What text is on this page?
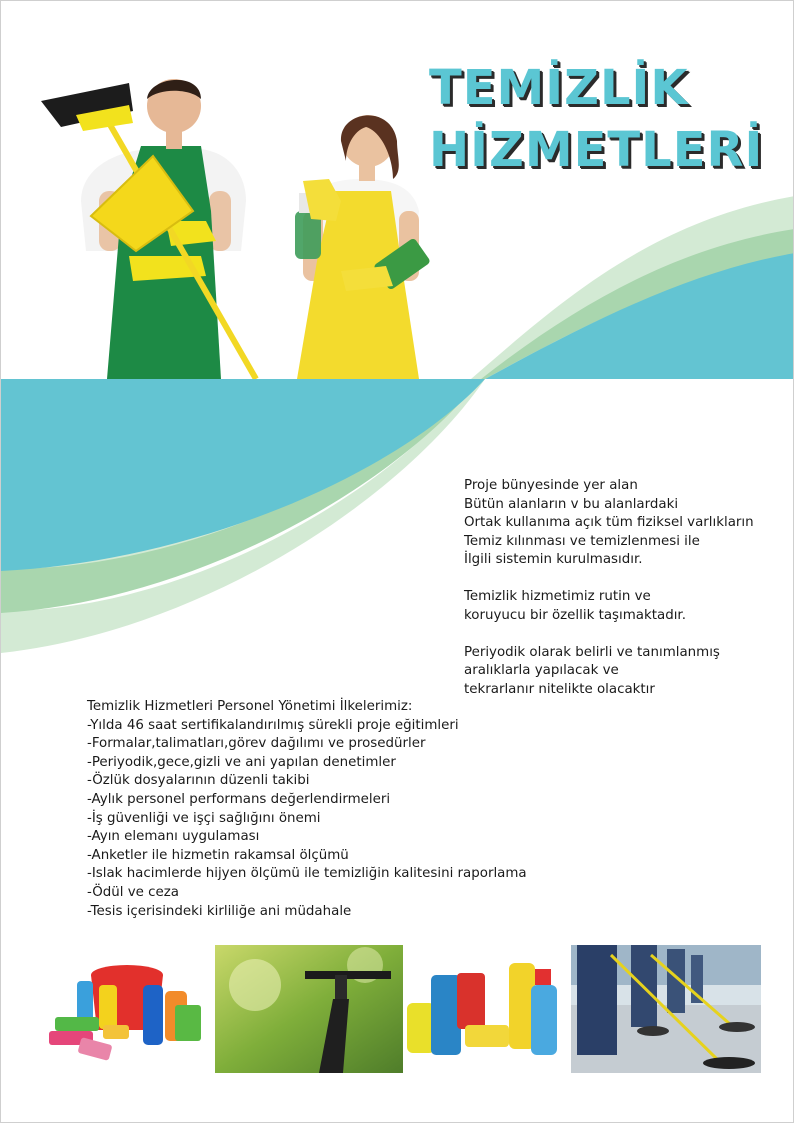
TEMİZLİK
HİZMETLERİ

Proje bünyesinde yer alan
Bütün alanların v bu alanlardaki
Ortak kullanıma açık tüm fiziksel varlıkların
Temiz kılınması ve temizlenmesi ile
İlgili sistemin kurulmasıdır.

Temizlik hizmetimiz rutin ve
koruyucu bir özellik taşımaktadır.

Periyodik olarak belirli ve tanımlanmış
aralıklarla yapılacak ve
tekrarlanır nitelikte olacaktır

Temizlik Hizmetleri Personel Yönetimi İlkelerimiz:
-Yılda 46 saat sertifikalandırılmış sürekli proje eğitimleri
-Formalar,talimatları,görev dağılımı ve prosedürler
-Periyodik,gece,gizli ve ani yapılan denetimler
-Özlük dosyalarının düzenli takibi
-Aylık personel performans değerlendirmeleri
-İş güvenliği ve işçi sağlığını önemi
-Ayın elemanı uygulaması
-Anketler ile hizmetin rakamsal ölçümü
-Islak hacimlerde hijyen ölçümü ile temizliğin kalitesini raporlama
-Ödül ve ceza
-Tesis içerisindeki kirliliğe ani müdahale
